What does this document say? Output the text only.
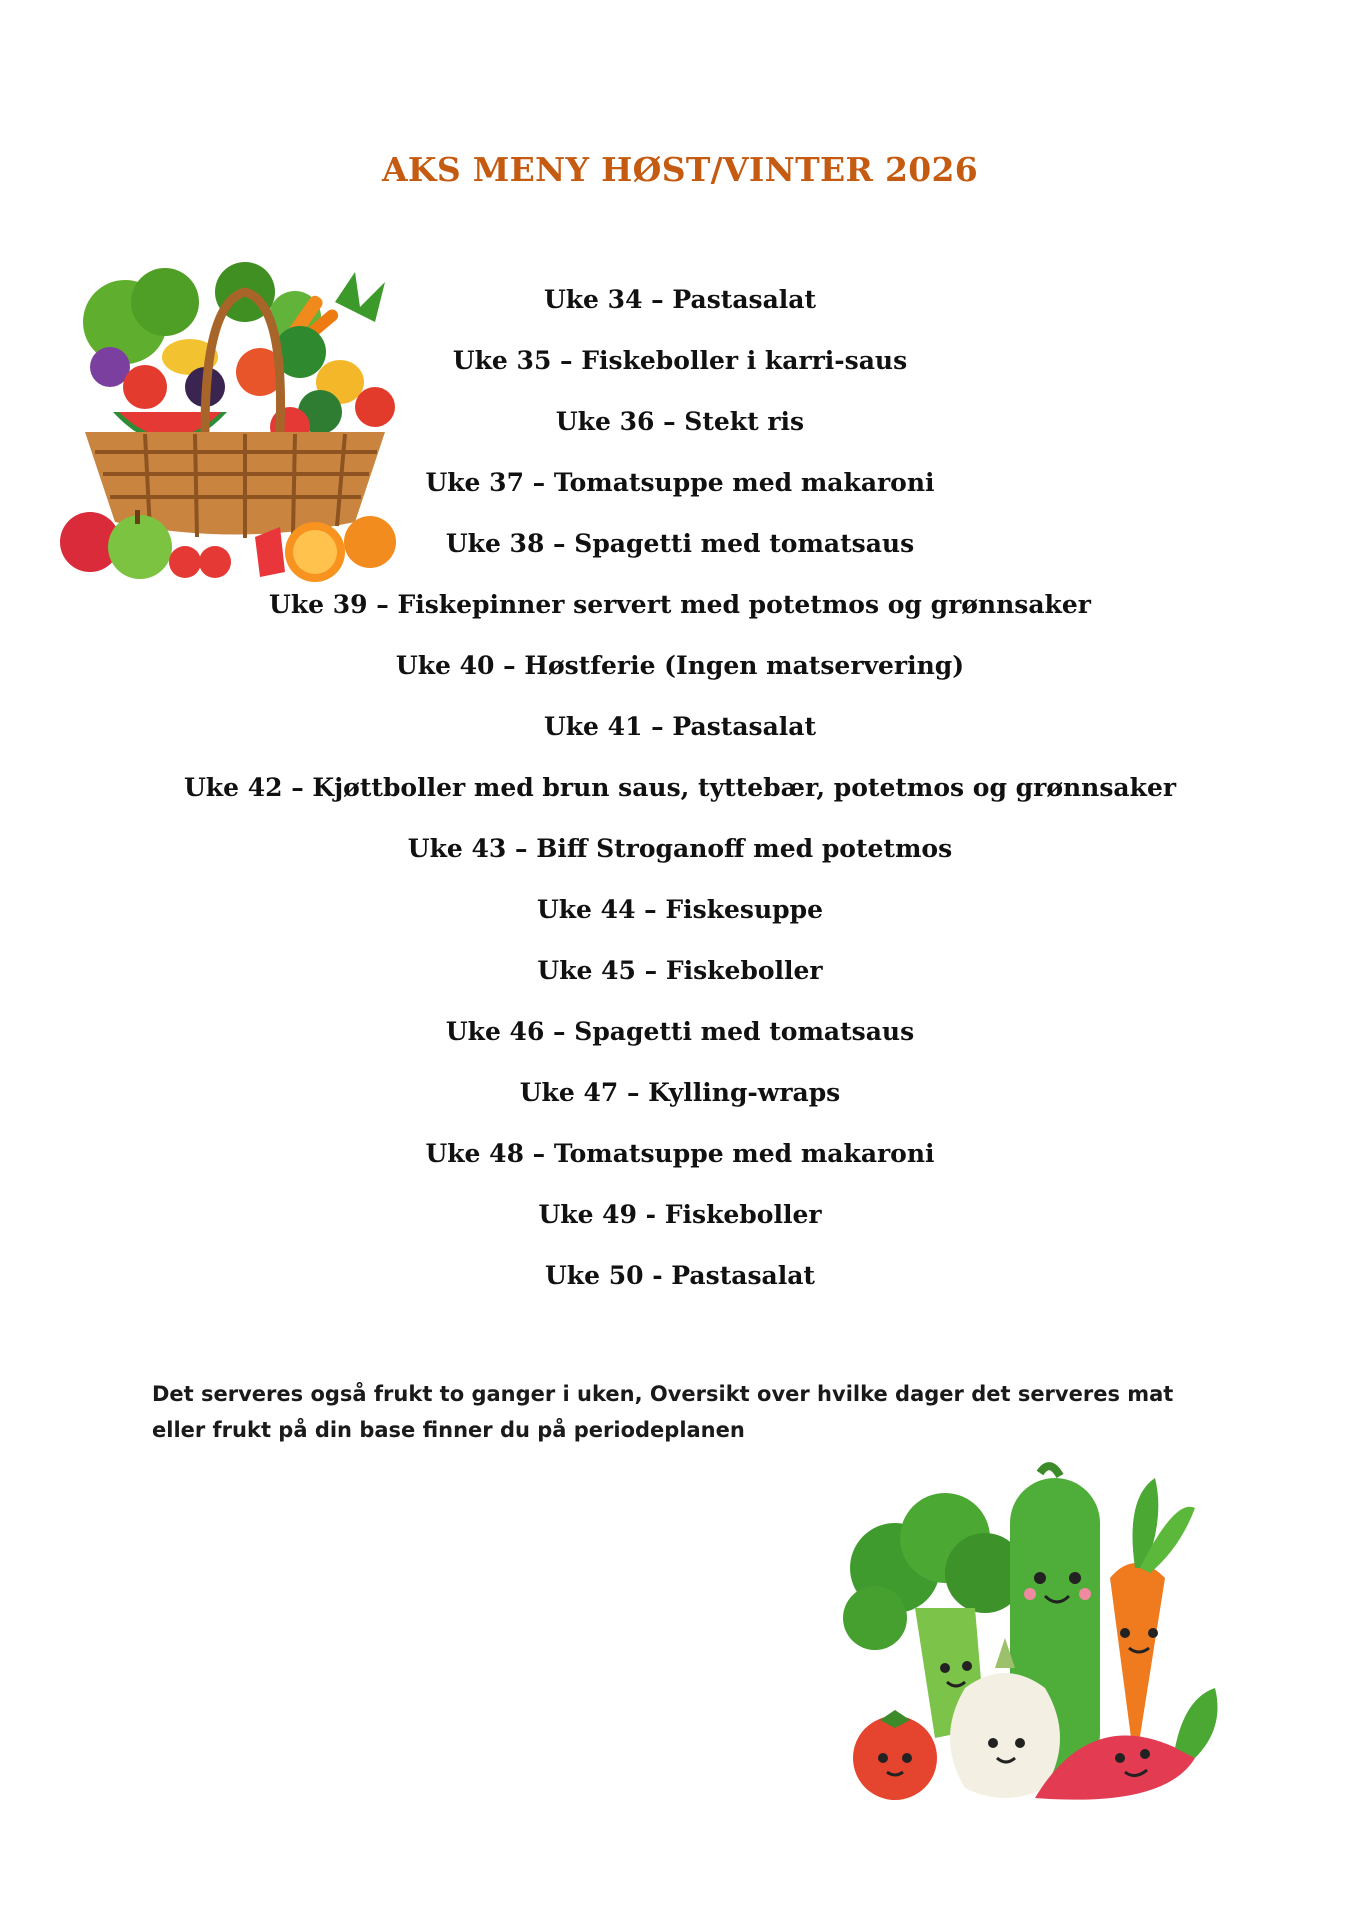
AKS MENY HØST/VINTER 2026
Uke 34 – Pastasalat
Uke 35 – Fiskeboller i karri-saus
Uke 36 – Stekt ris
Uke 37 – Tomatsuppe med makaroni
Uke 38 – Spagetti med tomatsaus
Uke 39 – Fiskepinner servert med potetmos og grønnsaker
Uke 40 – Høstferie (Ingen matservering)
Uke 41 – Pastasalat
Uke 42 – Kjøttboller med brun saus, tyttebær, potetmos og grønnsaker
Uke 43 – Biff Stroganoff med potetmos
Uke 44 – Fiskesuppe
Uke 45 – Fiskeboller
Uke 46 – Spagetti med tomatsaus
Uke 47 – Kylling-wraps
Uke 48 – Tomatsuppe med makaroni
Uke 49 - Fiskeboller
Uke 50 - Pastasalat
Det serveres også frukt to ganger i uken, Oversikt over hvilke dager det serveres mat
eller frukt på din base finner du på periodeplanen
